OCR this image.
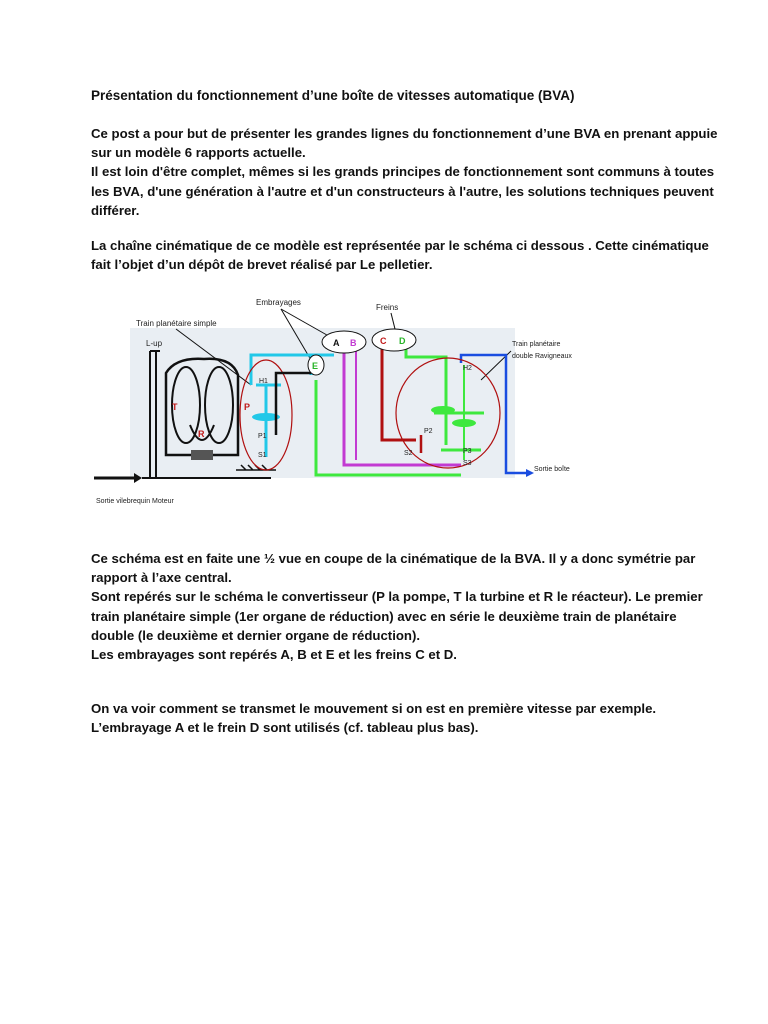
Présentation du fonctionnement d’une boîte de vitesses automatique (BVA)
Ce post a pour but de présenter les grandes lignes du fonctionnement d’une BVA en prenant appuie
sur un modèle 6 rapports actuelle.
Il est loin d'être complet, mêmes si les grands principes de fonctionnement sont communs à toutes
les BVA, d'une génération à l'autre et d'un constructeurs à l'autre, les solutions techniques peuvent
différer.
La chaîne cinématique de ce modèle est représentée par le schéma ci dessous . Cette cinématique
fait l’objet d’un dépôt de brevet réalisé par Le pelletier.
Embrayages
Freins
Train planétaire simple
L-up	Train planétaire
double Ravigneaux
T	P
R
H1
P1
S1
Sortie boîte
H2
P2
S2	P3
S3
A B	C D
E
Sortie vilebrequin Moteur
Ce schéma est en faite une ½ vue en coupe de la cinématique de la BVA. Il y a donc symétrie par
rapport à l’axe central.
Sont repérés sur le schéma le convertisseur (P la pompe, T la turbine et R le réacteur). Le premier
train planétaire simple (1er organe de réduction) avec en série le deuxième train de planétaire
double (le deuxième et dernier organe de réduction).
Les embrayages sont repérés A, B et E et les freins C et D.
On va voir comment se transmet le mouvement si on est en première vitesse par exemple.
L’embrayage A et le frein D sont utilisés (cf. tableau plus bas).
